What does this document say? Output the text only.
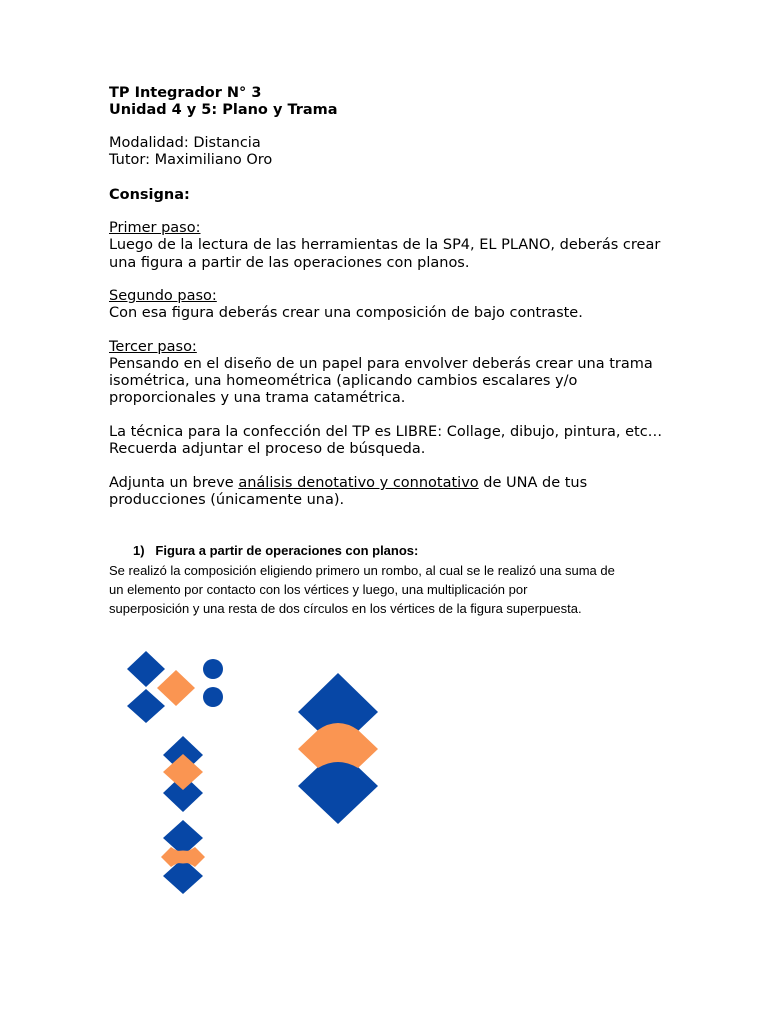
TP Integrador N° 3
Unidad 4 y 5: Plano y Trama
Modalidad: Distancia
Tutor: Maximiliano Oro
Consigna:
Primer paso:
Luego de la lectura de las herramientas de la SP4, EL PLANO, deberás crear
una figura a partir de las operaciones con planos.
Segundo paso:
Con esa figura deberás crear una composición de bajo contraste.
Tercer paso:
Pensando en el diseño de un papel para envolver deberás crear una trama
isométrica, una homeométrica (aplicando cambios escalares y/o
proporcionales y una trama catamétrica.
La técnica para la confección del TP es LIBRE: Collage, dibujo, pintura, etc…
Recuerda adjuntar el proceso de búsqueda.
Adjunta un breve análisis denotativo y connotativo de UNA de tus
producciones (únicamente una).
1) Figura a partir de operaciones con planos:
Se realizó la composición eligiendo primero un rombo, al cual se le realizó una suma de
un elemento por contacto con los vértices y luego, una multiplicación por
superposición y una resta de dos círculos en los vértices de la figura superpuesta.
